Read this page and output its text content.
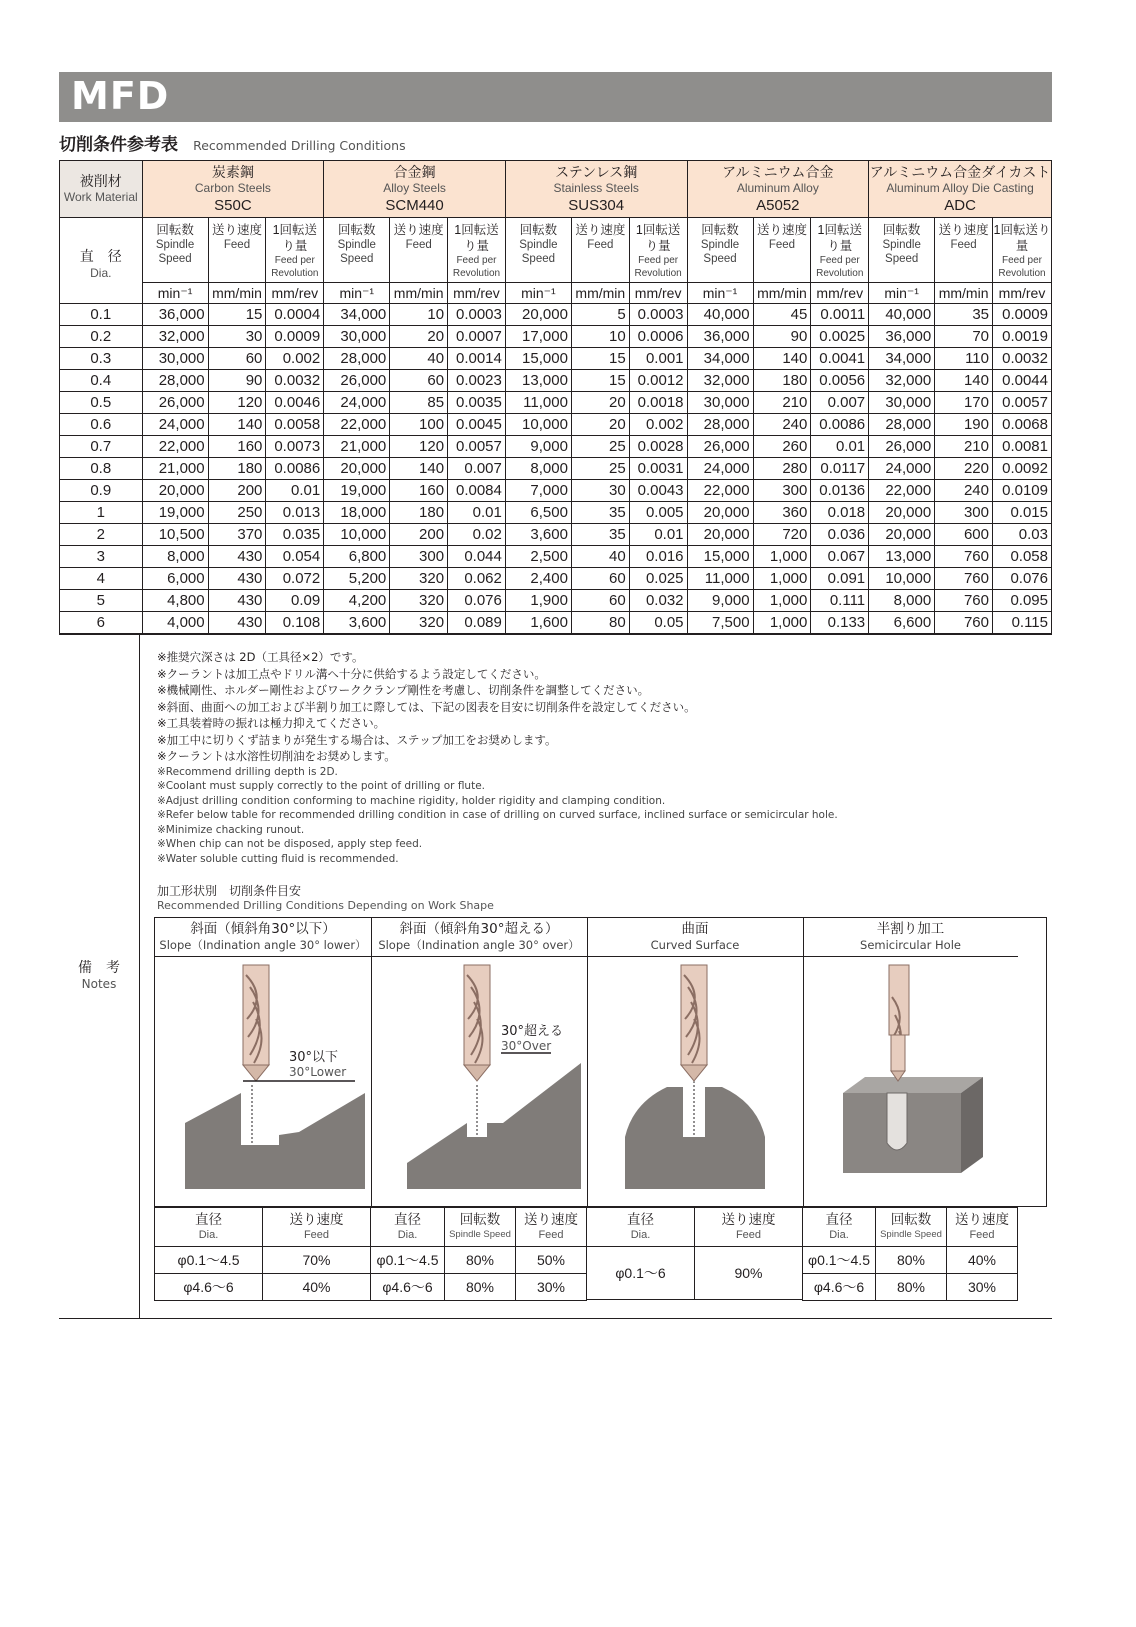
MFD
切削条件参考表 Recommended Drilling Conditions
被削材
Work Material	炭素鋼
Carbon Steels
S50C			合金鋼
Alloy Steels
SCM440			ステンレス鋼
Stainless Steels
SUS304			アルミニウム合金
Aluminum Alloy
A5052			アルミニウム合金ダイカスト
Aluminum Alloy Die Casting
ADC		

直　径
Dia.	回転数
Spindle Speed	送り速度
Feed	1回転送り量
Feed per Revolution	回転数
Spindle Speed	送り速度
Feed	1回転送り量
Feed per Revolution	回転数
Spindle Speed	送り速度
Feed	1回転送り量
Feed per Revolution	回転数
Spindle Speed	送り速度
Feed	1回転送り量
Feed per Revolution	回転数
Spindle Speed	送り速度
Feed	1回転送り量
Feed per Revolution

	min⁻¹	mm/min	mm/rev	min⁻¹	mm/min	mm/rev	min⁻¹	mm/min	mm/rev	min⁻¹	mm/min	mm/rev	min⁻¹	mm/min	mm/rev
0.1	36,000	15	0.0004	34,000	10	0.0003	20,000	5	0.0003	40,000	45	0.0011	40,000	35	0.0009
0.2	32,000	30	0.0009	30,000	20	0.0007	17,000	10	0.0006	36,000	90	0.0025	36,000	70	0.0019
0.3	30,000	60	0.002	28,000	40	0.0014	15,000	15	0.001	34,000	140	0.0041	34,000	110	0.0032
0.4	28,000	90	0.0032	26,000	60	0.0023	13,000	15	0.0012	32,000	180	0.0056	32,000	140	0.0044
0.5	26,000	120	0.0046	24,000	85	0.0035	11,000	20	0.0018	30,000	210	0.007	30,000	170	0.0057
0.6	24,000	140	0.0058	22,000	100	0.0045	10,000	20	0.002	28,000	240	0.0086	28,000	190	0.0068
0.7	22,000	160	0.0073	21,000	120	0.0057	9,000	25	0.0028	26,000	260	0.01	26,000	210	0.0081
0.8	21,000	180	0.0086	20,000	140	0.007	8,000	25	0.0031	24,000	280	0.0117	24,000	220	0.0092
0.9	20,000	200	0.01	19,000	160	0.0084	7,000	30	0.0043	22,000	300	0.0136	22,000	240	0.0109
1	19,000	250	0.013	18,000	180	0.01	6,500	35	0.005	20,000	360	0.018	20,000	300	0.015
2	10,500	370	0.035	10,000	200	0.02	3,600	35	0.01	20,000	720	0.036	20,000	600	0.03
3	8,000	430	0.054	6,800	300	0.044	2,500	40	0.016	15,000	1,000	0.067	13,000	760	0.058
4	6,000	430	0.072	5,200	320	0.062	2,400	60	0.025	11,000	1,000	0.091	10,000	760	0.076
5	4,800	430	0.09	4,200	320	0.076	1,900	60	0.032	9,000	1,000	0.111	8,000	760	0.095
6	4,000	430	0.108	3,600	320	0.089	1,600	80	0.05	7,500	1,000	0.133	6,600	760	0.115
備　考
Notes
※推奨穴深さは 2D（工具径×2）です。
※クーラントは加工点やドリル溝へ十分に供給するよう設定してください。
※機械剛性、ホルダー剛性およびワーククランプ剛性を考慮し、切削条件を調整してください。
※斜面、曲面への加工および半割り加工に際しては、下記の図表を目安に切削条件を設定してください。
※工具装着時の振れは極力抑えてください。
※加工中に切りくず詰まりが発生する場合は、ステップ加工をお奨めします。
※クーラントは水溶性切削油をお奨めします。
※Recommend drilling depth is 2D.
※Coolant must supply correctly to the point of drilling or flute.
※Adjust drilling condition conforming to machine rigidity, holder rigidity and clamping condition.
※Refer below table for recommended drilling condition in case of drilling on curved surface, inclined surface or semicircular hole.
※Minimize chacking runout.
※When chip can not be disposed, apply step feed.
※Water soluble cutting fluid is recommended.
加工形状別　切削条件目安
Recommended Drilling Conditions Depending on Work Shape
斜面（傾斜角30°以下）
Slope（Indination angle 30° lower）
30°以下
30°Lower
斜面（傾斜角30°超える）
Slope（Indination angle 30° over）
30°超える
30°Over
曲面
Curved Surface
半割り加工
Semicircular Hole
直径
Dia.	送り速度
Feed

φ0.1～4.5	70%
φ4.6～6	40%
直径
Dia.	回転数
Spindle Speed	送り速度
Feed

φ0.1～4.5	80%	50%
φ4.6～6	80%	30%
直径
Dia.	送り速度
Feed

φ0.1～6	90%
直径
Dia.	回転数
Spindle Speed	送り速度
Feed

φ0.1～4.5	80%	40%
φ4.6～6	80%	30%
